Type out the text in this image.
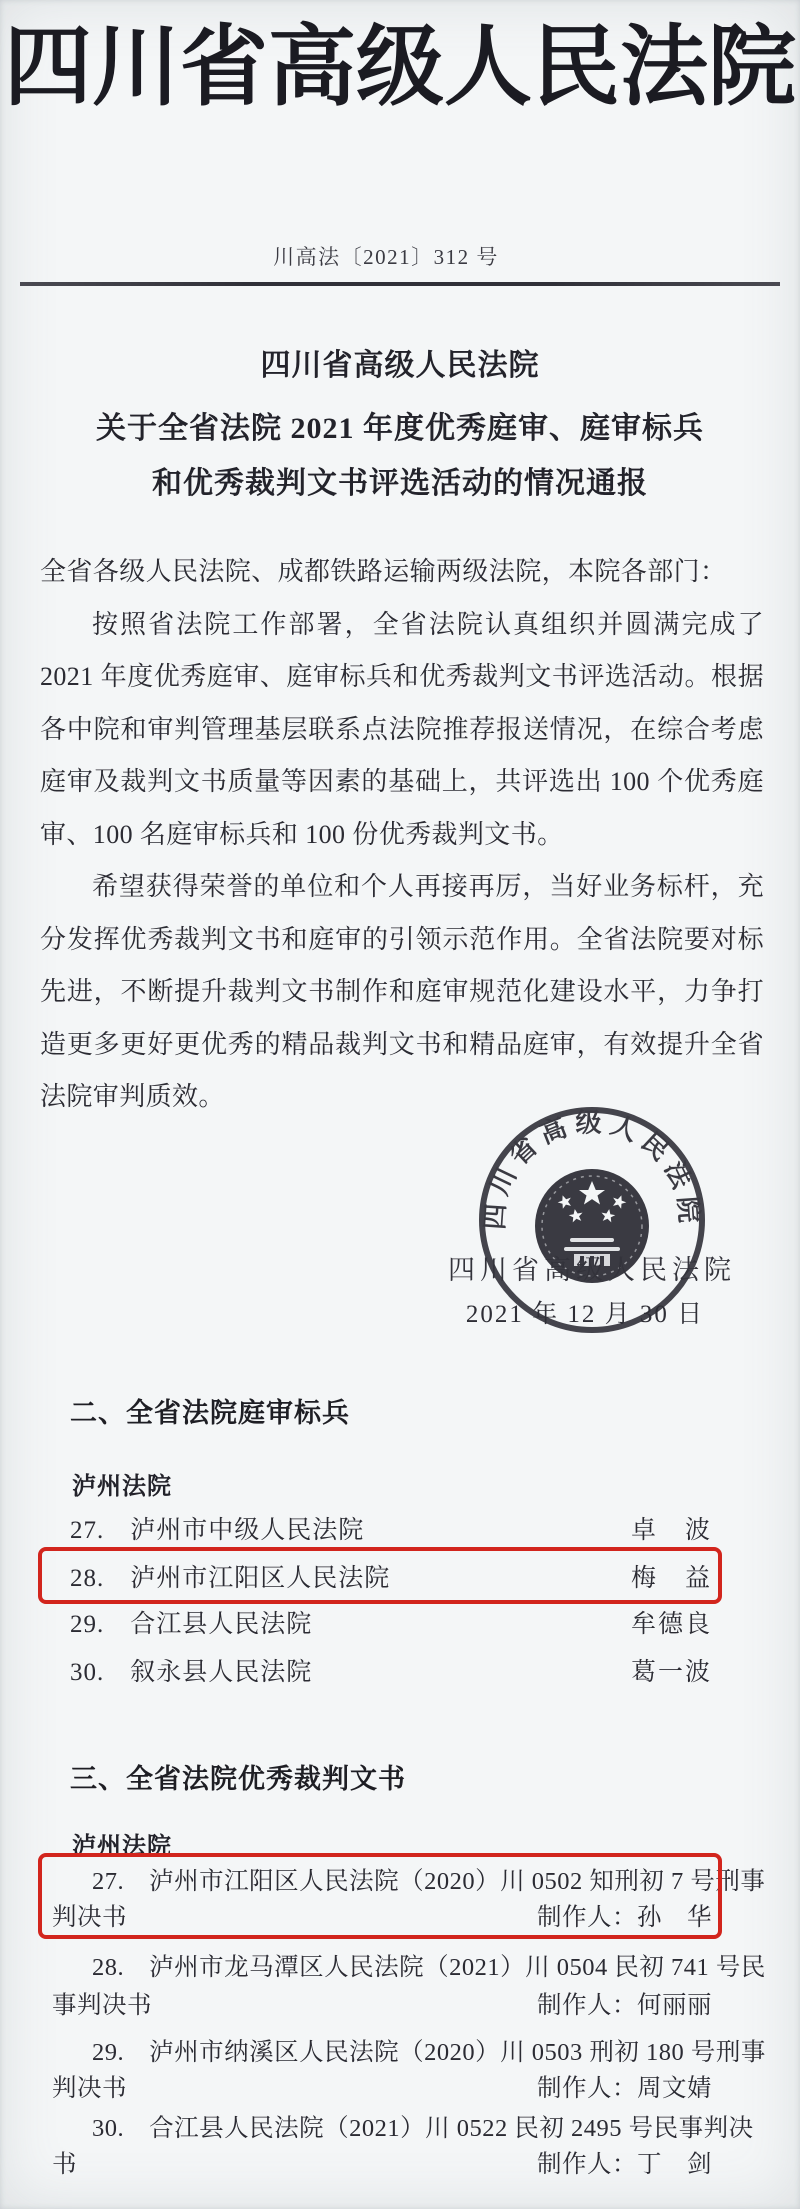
四川省高级人民法院
川高法〔2021〕312 号
四川省高级人民法院
关于全省法院 2021 年度优秀庭审、庭审标兵
和优秀裁判文书评选活动的情况通报

全省各级人民法院、成都铁路运输两级法院，本院各部门：

按照省法院工作部署，全省法院认真组织并圆满完成了 2021 年度优秀庭审、庭审标兵和优秀裁判文书评选活动。根据各中院和审判管理基层联系点法院推荐报送情况，在综合考虑庭审及裁判文书质量等因素的基础上，共评选出 100 个优秀庭审、100 名庭审标兵和 100 份优秀裁判文书。

希望获得荣誉的单位和个人再接再厉，当好业务标杆，充分发挥优秀裁判文书和庭审的引领示范作用。全省法院要对标先进，不断提升裁判文书制作和庭审规范化建设水平，力争打造更多更好更优秀的精品裁判文书和精品庭审，有效提升全省法院审判质效。

四川省高级人民法院
四川省高级人民法院
2021 年 12 月 30 日
二、全省法院庭审标兵
泸州法院
27.　泸州市中级人民法院	卓　波
28.　泸州市江阳区人民法院	梅　益
29.　合江县人民法院	牟德良
30.　叙永县人民法院	葛一波
三、全省法院优秀裁判文书
泸州法院
27.　泸州市江阳区人民法院（2020）川 0502 知刑初 7 号刑事
判决书	制作人：孙　华
28.　泸州市龙马潭区人民法院（2021）川 0504 民初 741 号民
事判决书	制作人：何丽丽
29.　泸州市纳溪区人民法院（2020）川 0503 刑初 180 号刑事
判决书	制作人：周文婧
30.　合江县人民法院（2021）川 0522 民初 2495 号民事判决
书	制作人：丁　剑
